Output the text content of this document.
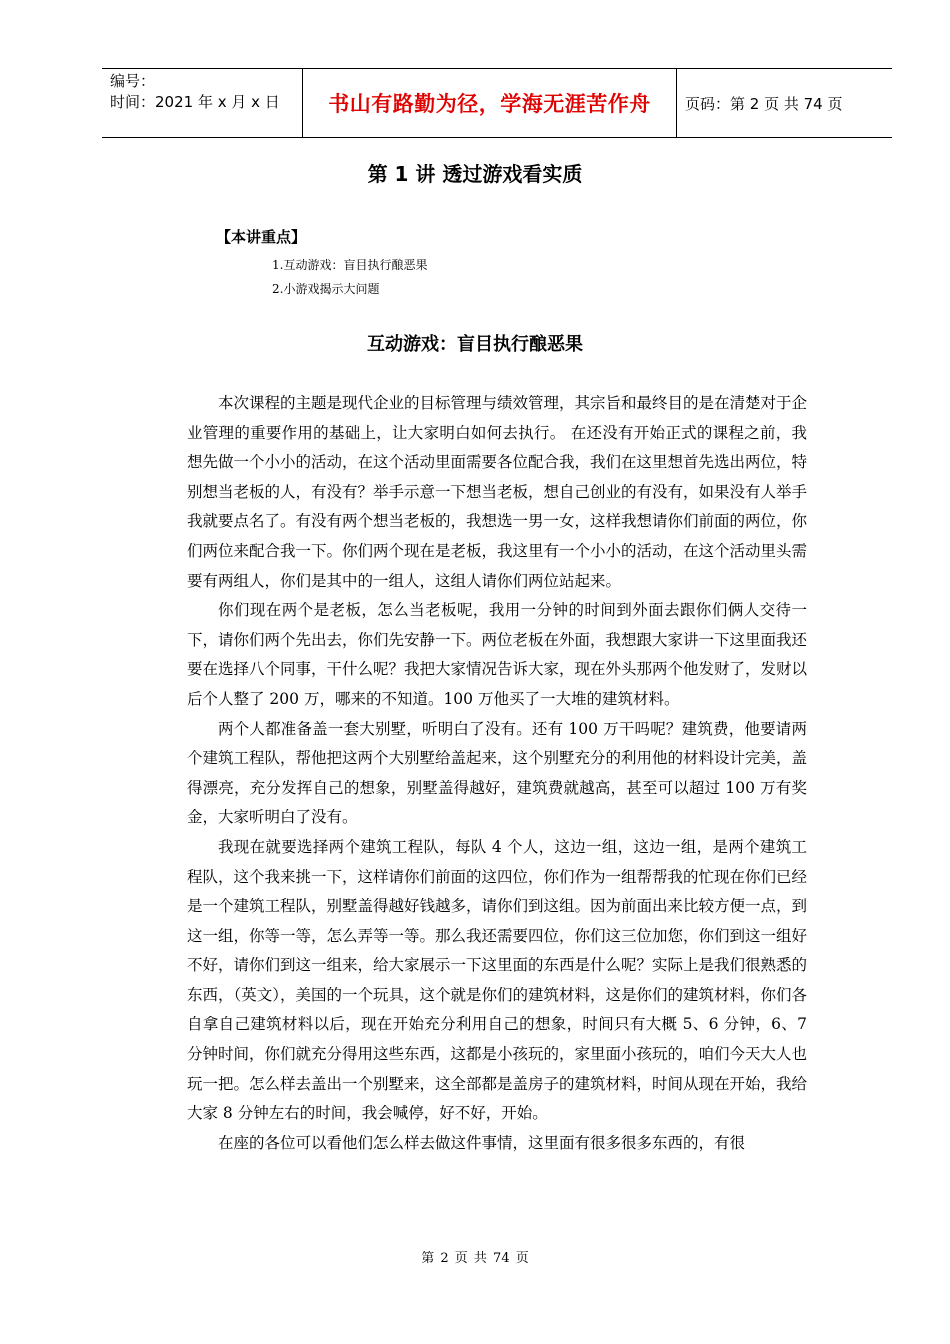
编号：
时间：2021 年 x 月 x 日	书山有路勤为径，学海无涯苦作舟 页码：第 2 页 共 74 页
第 1 讲 透过游戏看实质
【本讲重点】
1.互动游戏：盲目执行酿恶果
2.小游戏揭示大问题
互动游戏：盲目执行酿恶果

本次课程的主题是现代企业的目标管理与绩效管理，其宗旨和最终目的是在清楚对于企业管理的重要作用的基础上，让大家明白如何去执行。 在还没有开始正式的课程之前，我想先做一个小小的活动，在这个活动里面需要各位配合我，我们在这里想首先选出两位，特别想当老板的人，有没有？举手示意一下想当老板，想自己创业的有没有，如果没有人举手我就要点名了。有没有两个想当老板的，我想选一男一女，这样我想请你们前面的两位，你们两位来配合我一下。你们两个现在是老板，我这里有一个小小的活动，在这个活动里头需要有两组人，你们是其中的一组人，这组人请你们两位站起来。

你们现在两个是老板，怎么当老板呢，我用一分钟的时间到外面去跟你们俩人交待一下，请你们两个先出去，你们先安静一下。两位老板在外面，我想跟大家讲一下这里面我还要在选择八个同事，干什么呢？我把大家情况告诉大家，现在外头那两个他发财了，发财以后个人整了 200 万，哪来的不知道。100 万他买了一大堆的建筑材料。

两个人都准备盖一套大别墅，听明白了没有。还有 100 万干吗呢？建筑费，他要请两个建筑工程队，帮他把这两个大别墅给盖起来，这个别墅充分的利用他的材料设计完美，盖得漂亮，充分发挥自己的想象，别墅盖得越好，建筑费就越高，甚至可以超过 100 万有奖金，大家听明白了没有。

我现在就要选择两个建筑工程队，每队 4 个人，这边一组，这边一组，是两个建筑工程队，这个我来挑一下，这样请你们前面的这四位，你们作为一组帮帮我的忙现在你们已经是一个建筑工程队，别墅盖得越好钱越多，请你们到这组。因为前面出来比较方便一点，到这一组，你等一等，怎么弄等一等。那么我还需要四位，你们这三位加您，你们到这一组好不好，请你们到这一组来，给大家展示一下这里面的东西是什么呢？实际上是我们很熟悉的东西，（英文），美国的一个玩具，这个就是你们的建筑材料，这是你们的建筑材料，你们各自拿自己建筑材料以后，现在开始充分利用自己的想象，时间只有大概 5、6 分钟，6、7 分钟时间，你们就充分得用这些东西，这都是小孩玩的，家里面小孩玩的，咱们今天大人也玩一把。怎么样去盖出一个别墅来，这全部都是盖房子的建筑材料，时间从现在开始，我给大家 8 分钟左右的时间，我会喊停，好不好，开始。

在座的各位可以看他们怎么样去做这件事情，这里面有很多很多东西的，有很

第 2 页 共 74 页
